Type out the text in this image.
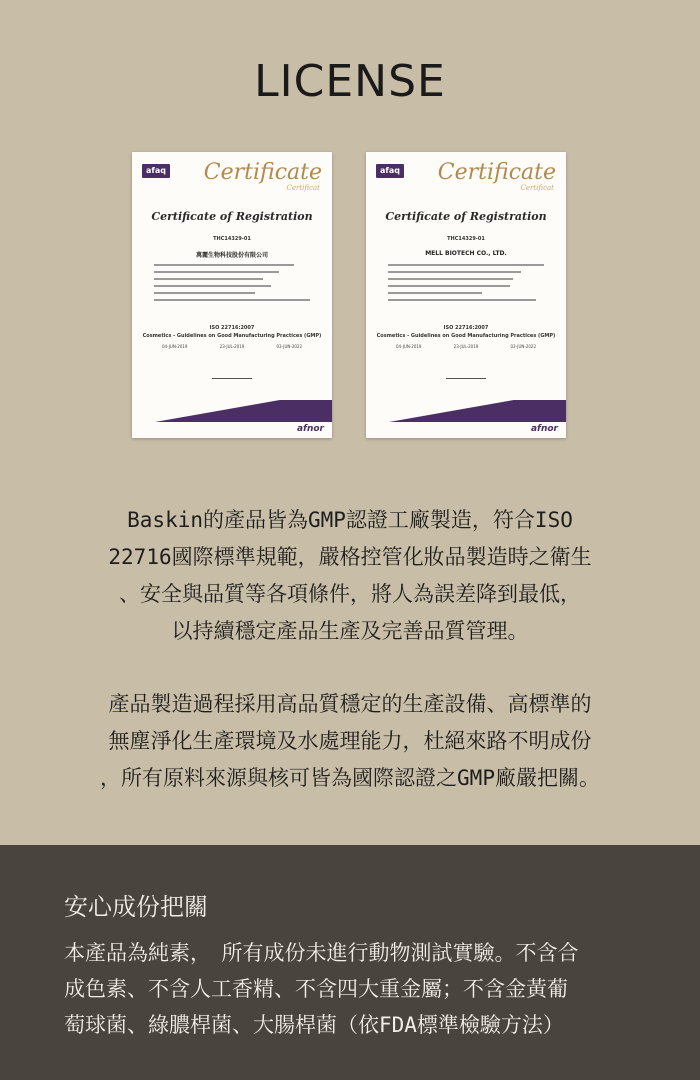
LICENSE
afaq Certificate
Certificat
Certificate of Registration
THC14329-01
萬麗生物科技股份有限公司
ISO 22716:2007
Cosmetics - Guidelines on Good Manufacturing Practices (GMP)
04-JUN-2019	23-JUL-2019	03-JUN-2022
afnor
afaq Certificate
Certificat
Certificate of Registration
THC14329-01
MELL BIOTECH CO., LTD.
ISO 22716:2007
Cosmetics - Guidelines on Good Manufacturing Practices (GMP)
04-JUN-2019	23-JUL-2019	03-JUN-2022
afnor
Baskin的產品皆為GMP認證工廠製造，符合ISO
22716國際標準規範，嚴格控管化妝品製造時之衛生
、安全與品質等各項條件，將人為誤差降到最低，
以持續穩定產品生產及完善品質管理。
產品製造過程採用高品質穩定的生產設備、高標準的
無塵淨化生產環境及水處理能力，杜絕來路不明成份
，所有原料來源與核可皆為國際認證之GMP廠嚴把關。
安心成份把關
本產品為純素，　所有成份未進行動物測試實驗。不含合
成色素、不含人工香精、不含四大重金屬；不含金黃葡
萄球菌、綠膿桿菌、大腸桿菌（依FDA標準檢驗方法）
